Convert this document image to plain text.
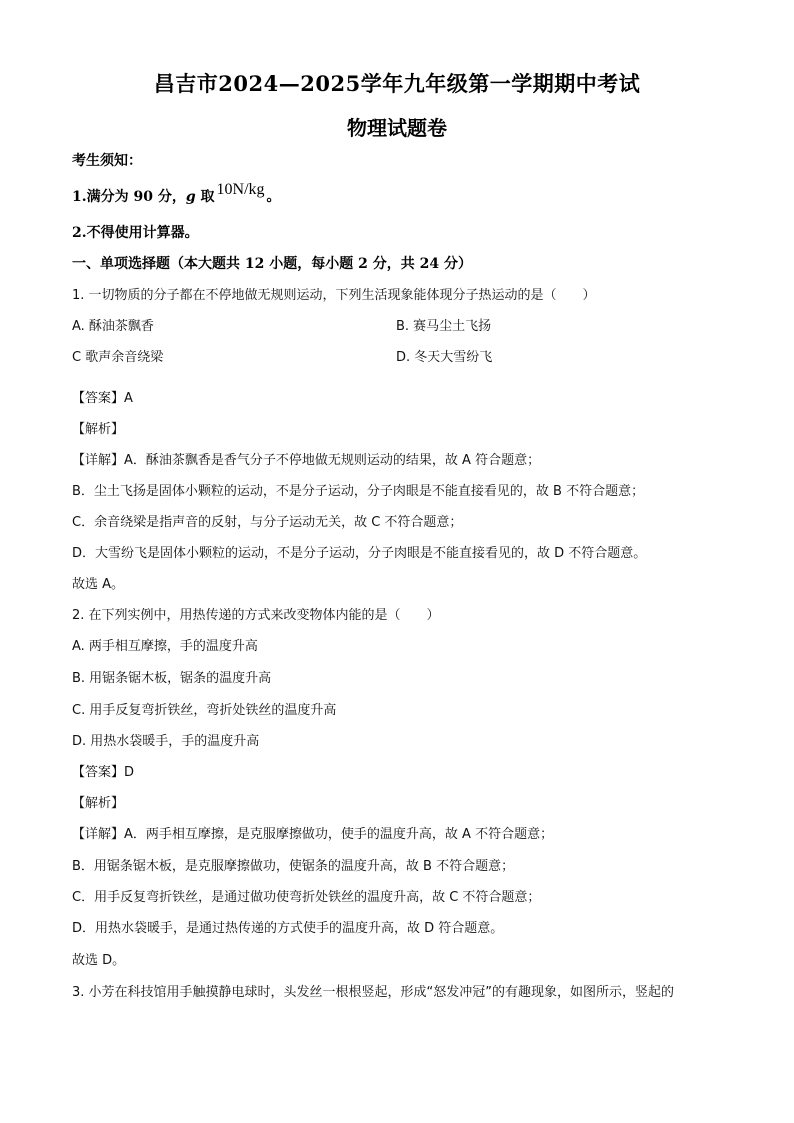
昌吉市2024—2025学年九年级第一学期期中考试
物理试题卷
考生须知：
1.满分为 90 分，g 取 10N/kg 。
2.不得使用计算器。
一、单项选择题（本大题共 12 小题，每小题 2 分，共 24 分）
1. 一切物质的分子都在不停地做无规则运动，下列生活现象能体现分子热运动的是（　　）
A. 酥油茶飘香	B. 赛马尘土飞扬
C 歌声余音绕梁	D. 冬天大雪纷飞
【答案】A
【解析】
【详解】A．酥油茶飘香是香气分子不停地做无规则运动的结果，故 A 符合题意；
B．尘土飞扬是固体小颗粒的运动，不是分子运动，分子肉眼是不能直接看见的，故 B 不符合题意；
C．余音绕梁是指声音的反射，与分子运动无关，故 C 不符合题意；
D．大雪纷飞是固体小颗粒的运动，不是分子运动，分子肉眼是不能直接看见的，故 D 不符合题意。
故选 A。
2. 在下列实例中，用热传递的方式来改变物体内能的是（　　）
A. 两手相互摩擦，手的温度升高
B. 用锯条锯木板，锯条的温度升高
C. 用手反复弯折铁丝，弯折处铁丝的温度升高
D. 用热水袋暖手，手的温度升高
【答案】D
【解析】
【详解】A．两手相互摩擦，是克服摩擦做功，使手的温度升高，故 A 不符合题意；
B．用锯条锯木板，是克服摩擦做功，使锯条的温度升高，故 B 不符合题意；
C．用手反复弯折铁丝，是通过做功使弯折处铁丝的温度升高，故 C 不符合题意；
D．用热水袋暖手，是通过热传递的方式使手的温度升高，故 D 符合题意。
故选 D。
3. 小芳在科技馆用手触摸静电球时，头发丝一根根竖起，形成“怒发冲冠”的有趣现象，如图所示，竖起的
